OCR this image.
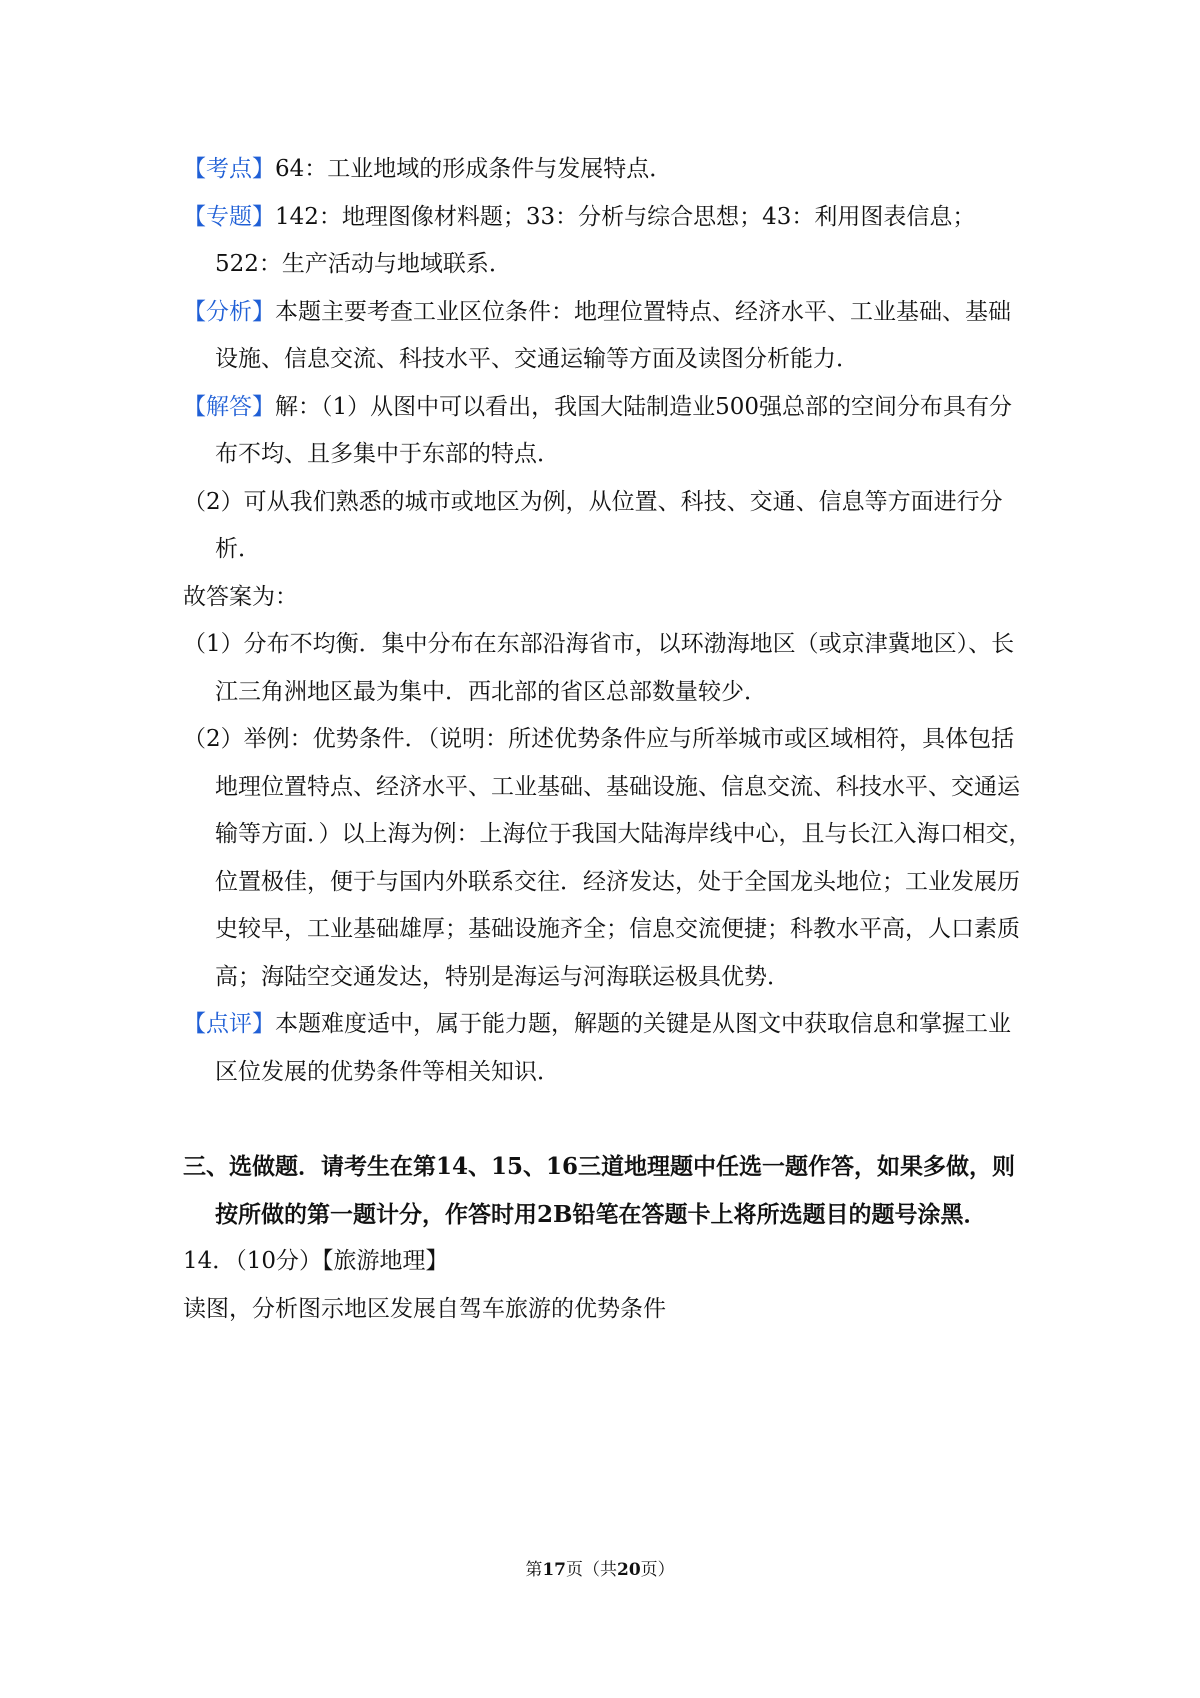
【考点】64：工业地域的形成条件与发展特点．

【专题】142：地理图像材料题；33：分析与综合思想；43：利用图表信息；522：生产活动与地域联系．

【分析】本题主要考查工业区位条件：地理位置特点、经济水平、工业基础、基础设施、信息交流、科技水平、交通运输等方面及读图分析能力．

【解答】解：（1）从图中可以看出，我国大陆制造业500强总部的空间分布具有分布不均、且多集中于东部的特点．

（2）可从我们熟悉的城市或地区为例，从位置、科技、交通、信息等方面进行分析．

故答案为：

（1）分布不均衡．集中分布在东部沿海省市，以环渤海地区（或京津冀地区）、长江三角洲地区最为集中．西北部的省区总部数量较少．

（2）举例：优势条件．（说明：所述优势条件应与所举城市或区域相符，具体包括地理位置特点、经济水平、工业基础、基础设施、信息交流、科技水平、交通运输等方面．）以上海为例：上海位于我国大陆海岸线中心，且与长江入海口相交，位置极佳，便于与国内外联系交往．经济发达，处于全国龙头地位；工业发展历史较早，工业基础雄厚；基础设施齐全；信息交流便捷；科教水平高，人口素质高；海陆空交通发达，特别是海运与河海联运极具优势．

【点评】本题难度适中，属于能力题，解题的关键是从图文中获取信息和掌握工业区位发展的优势条件等相关知识．

三、选做题．请考生在第14、15、16三道地理题中任选一题作答，如果多做，则按所做的第一题计分，作答时用2B铅笔在答题卡上将所选题目的题号涂黑．

14．（10分）【旅游地理】

读图，分析图示地区发展自驾车旅游的优势条件

第17页（共20页）
